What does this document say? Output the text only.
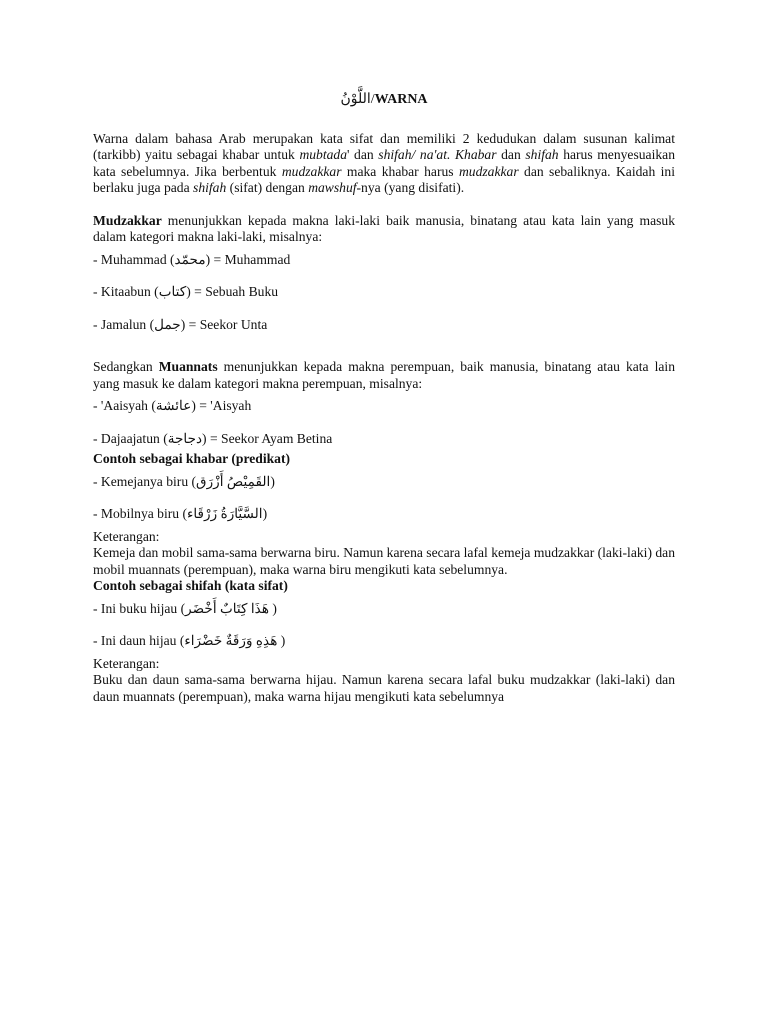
اللَّوْنُ/WARNA

Warna dalam bahasa Arab merupakan kata sifat dan memiliki 2 kedudukan dalam susunan kalimat (tarkibb) yaitu sebagai khabar untuk mubtada' dan shifah/ na'at. Khabar dan shifah harus menyesuaikan kata sebelumnya. Jika berbentuk mudzakkar maka khabar harus mudzakkar dan sebaliknya. Kaidah ini berlaku juga pada shifah (sifat) dengan mawshuf-nya (yang disifati).

Mudzakkar menunjukkan kepada makna laki-laki baik manusia, binatang atau kata lain yang masuk dalam kategori makna laki-laki, misalnya:

- Muhammad (محمّد) = Muhammad

- Kitaabun (كتاب) = Sebuah Buku

- Jamalun (جمل) = Seekor Unta

Sedangkan Muannats menunjukkan kepada makna perempuan, baik manusia, binatang atau kata lain yang masuk ke dalam kategori makna perempuan, misalnya:

- 'Aaisyah (عائشة) = 'Aisyah

- Dajaajatun (دجاجة) = Seekor Ayam Betina

Contoh sebagai khabar (predikat)

- Kemejanya biru (القَمِيْصُ أَزْرَق)

- Mobilnya biru (السَّيَّارَةُ زَرْقَاء)

Keterangan:

Kemeja dan mobil sama-sama berwarna biru. Namun karena secara lafal kemeja mudzakkar (laki-laki) dan mobil muannats (perempuan), maka warna biru mengikuti kata sebelumnya.

Contoh sebagai shifah (kata sifat)

- Ini buku hijau (هَذَا كِتَابٌ أَخْضَر )

- Ini daun hijau (هَذِهِ وَرَقَةٌ خَضْرَاء )

Keterangan:

Buku dan daun sama-sama berwarna hijau. Namun karena secara lafal buku mudzakkar (laki-laki) dan daun muannats (perempuan), maka warna hijau mengikuti kata sebelumnya
